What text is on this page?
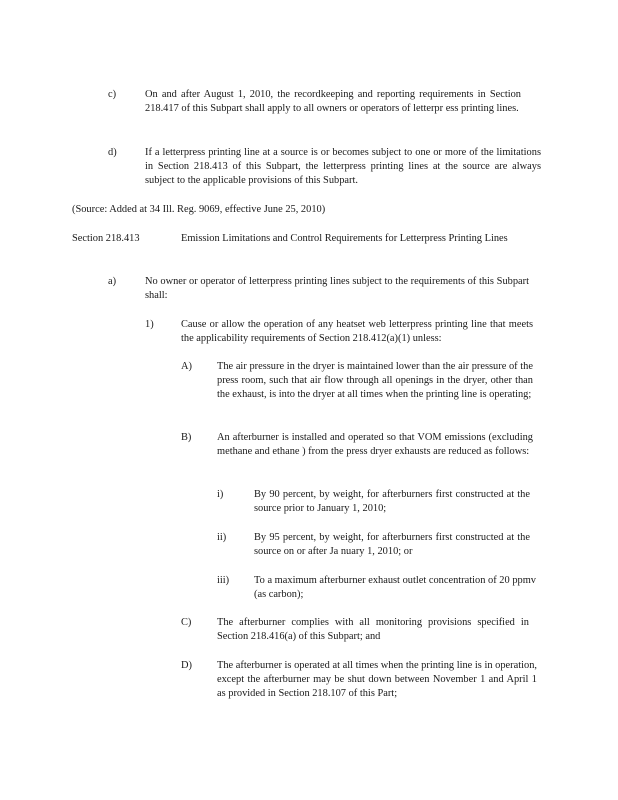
c)	On and after August 1, 2010, the recordkeeping and reporting requirements in Section 218.417 of this Subpart shall apply to all owners or operators of letterpr ess printing lines.
d)	If a letterpress printing line at a source is or becomes subject to one or more of the limitations in Section 218.413 of this Subpart, the letterpress printing lines at the source are always subject to the applicable provisions of this Subpart.
(Source: Added at 34 Ill. Reg. 9069, effective June 25, 2010)
Section 218.413	Emission Limitations and Control Requirements for Letterpress Printing Lines
a)	No owner or operator of letterpress printing lines subject to the requirements of this Subpart shall:
1)	Cause or allow the operation of any heatset web letterpress printing line that meets the applicability requirements of Section 218.412(a)(1) unless:
A) The air pressure in the dryer is maintained lower than the air pressure of the press room, such that air flow through all openings in the dryer, other than the exhaust, is into the dryer at all times when the printing line is operating;
B) An afterburner is installed and operated so that VOM emissions (excluding methane and ethane ) from the press dryer exhausts are reduced as follows:
i)	By 90 percent, by weight, for afterburners first constructed at the source prior to January 1, 2010;
ii)	By 95 percent, by weight, for afterburners first constructed at the source on or after Ja nuary 1, 2010; or
iii) To a maximum afterburner exhaust outlet concentration of 20 ppmv (as carbon);
C) The afterburner complies with all monitoring provisions specified in Section 218.416(a) of this Subpart; and
D) The afterburner is operated at all times when the printing line is in operation, except the afterburner may be shut down between November 1 and April 1 as provided in Section 218.107 of this Part;
